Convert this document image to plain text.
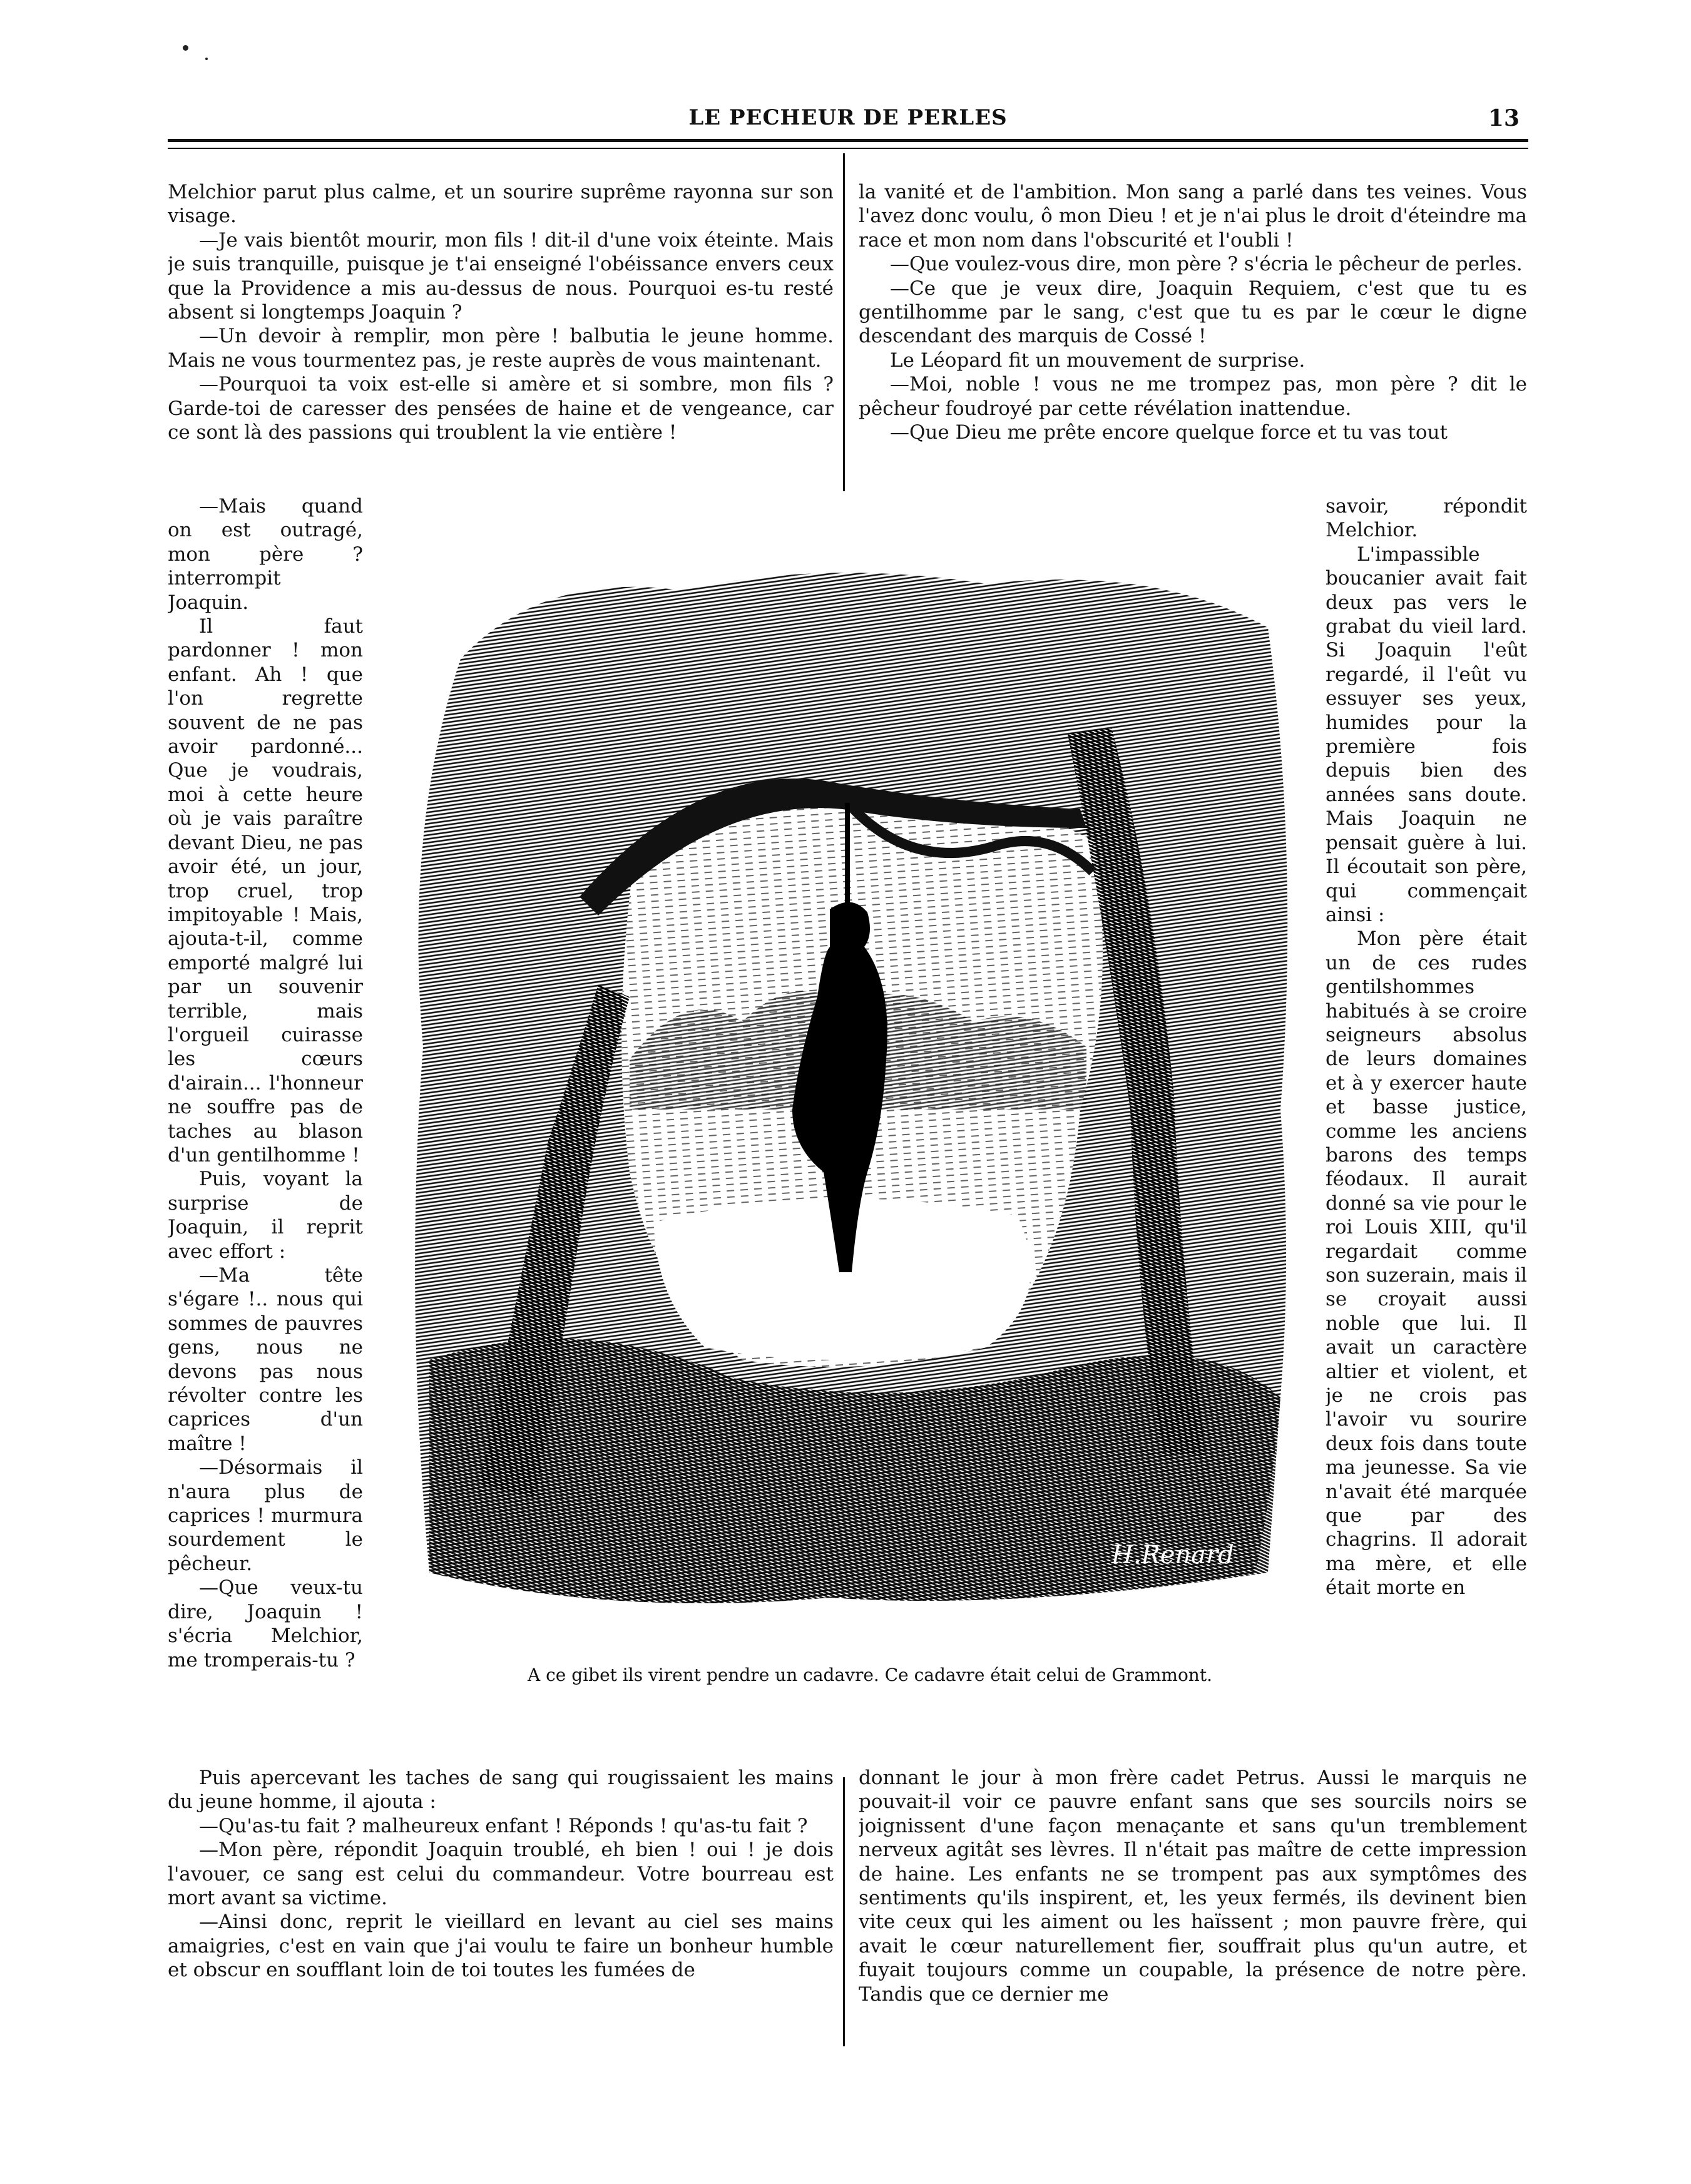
LE PECHEUR DE PERLES	13

Melchior parut plus calme, et un sourire suprême rayonna sur son visage.

—Je vais bientôt mourir, mon fils ! dit-il d'une voix éteinte. Mais je suis tranquille, puisque je t'ai enseigné l'obéissance envers ceux que la Providence a mis au-dessus de nous. Pourquoi es-tu resté absent si longtemps Joaquin ?

—Un devoir à remplir, mon père ! balbutia le jeune homme. Mais ne vous tourmentez pas, je reste auprès de vous maintenant.

—Pourquoi ta voix est-elle si amère et si sombre, mon fils ? Garde-toi de caresser des pensées de haine et de vengeance, car ce sont là des passions qui troublent la vie entière !

—Mais quand on est outragé, mon père ? interrompit Joaquin.

Il faut pardonner ! mon enfant. Ah ! que l'on regrette souvent de ne pas avoir pardonné... Que je voudrais, moi à cette heure où je vais paraître devant Dieu, ne pas avoir été, un jour, trop cruel, trop impitoyable ! Mais, ajouta-t-il, comme emporté malgré lui par un souvenir terrible, mais l'orgueil cuirasse les cœurs d'airain... l'honneur ne souffre pas de taches au blason d'un gentilhomme !

Puis, voyant la surprise de Joaquin, il reprit avec effort :

—Ma tête s'égare !.. nous qui sommes de pauvres gens, nous ne devons pas nous révolter contre les caprices d'un maître !

—Désormais il n'aura plus de caprices ! murmura sourdement le pêcheur.

—Que veux-tu dire, Joaquin ! s'écria Melchior, me tromperais-tu ?

la vanité et de l'ambition. Mon sang a parlé dans tes veines. Vous l'avez donc voulu, ô mon Dieu ! et je n'ai plus le droit d'éteindre ma race et mon nom dans l'obscurité et l'oubli !

—Que voulez-vous dire, mon père ? s'écria le pêcheur de perles.

—Ce que je veux dire, Joaquin Requiem, c'est que tu es gentilhomme par le sang, c'est que tu es par le cœur le digne descendant des marquis de Cossé !

Le Léopard fit un mouvement de surprise.

—Moi, noble ! vous ne me trompez pas, mon père ? dit le pêcheur foudroyé par cette révélation inattendue.

—Que Dieu me prête encore quelque force et tu vas tout

savoir, répondit Melchior.

L'impassible boucanier avait fait deux pas vers le grabat du vieil lard. Si Joaquin l'eût regardé, il l'eût vu essuyer ses yeux, humides pour la première fois depuis bien des années sans doute. Mais Joaquin ne pensait guère à lui. Il écoutait son père, qui commençait ainsi :

Mon père était un de ces rudes gentilshommes habitués à se croire seigneurs absolus de leurs domaines et à y exercer haute et basse justice, comme les anciens barons des temps féodaux. Il aurait donné sa vie pour le roi Louis XIII, qu'il regardait comme son suzerain, mais il se croyait aussi noble que lui. Il avait un caractère altier et violent, et je ne crois pas l'avoir vu sourire deux fois dans toute ma jeunesse. Sa vie n'avait été marquée que par des chagrins. Il adorait ma mère, et elle était morte en

H.Renard
A ce gibet ils virent pendre un cadavre. Ce cadavre était celui de Grammont.

Puis apercevant les taches de sang qui rougissaient les mains du jeune homme, il ajouta :

—Qu'as-tu fait ? malheureux enfant ! Réponds ! qu'as-tu fait ?

—Mon père, répondit Joaquin troublé, eh bien ! oui ! je dois l'avouer, ce sang est celui du commandeur. Votre bourreau est mort avant sa victime.

—Ainsi donc, reprit le vieillard en levant au ciel ses mains amaigries, c'est en vain que j'ai voulu te faire un bonheur humble et obscur en soufflant loin de toi toutes les fumées de

donnant le jour à mon frère cadet Petrus. Aussi le marquis ne pouvait-il voir ce pauvre enfant sans que ses sourcils noirs se joignissent d'une façon menaçante et sans qu'un tremblement nerveux agitât ses lèvres. Il n'était pas maître de cette impression de haine. Les enfants ne se trompent pas aux symptômes des sentiments qu'ils inspirent, et, les yeux fermés, ils devinent bien vite ceux qui les aiment ou les haïssent ; mon pauvre frère, qui avait le cœur naturellement fier, souffrait plus qu'un autre, et fuyait toujours comme un coupable, la présence de notre père. Tandis que ce dernier me
